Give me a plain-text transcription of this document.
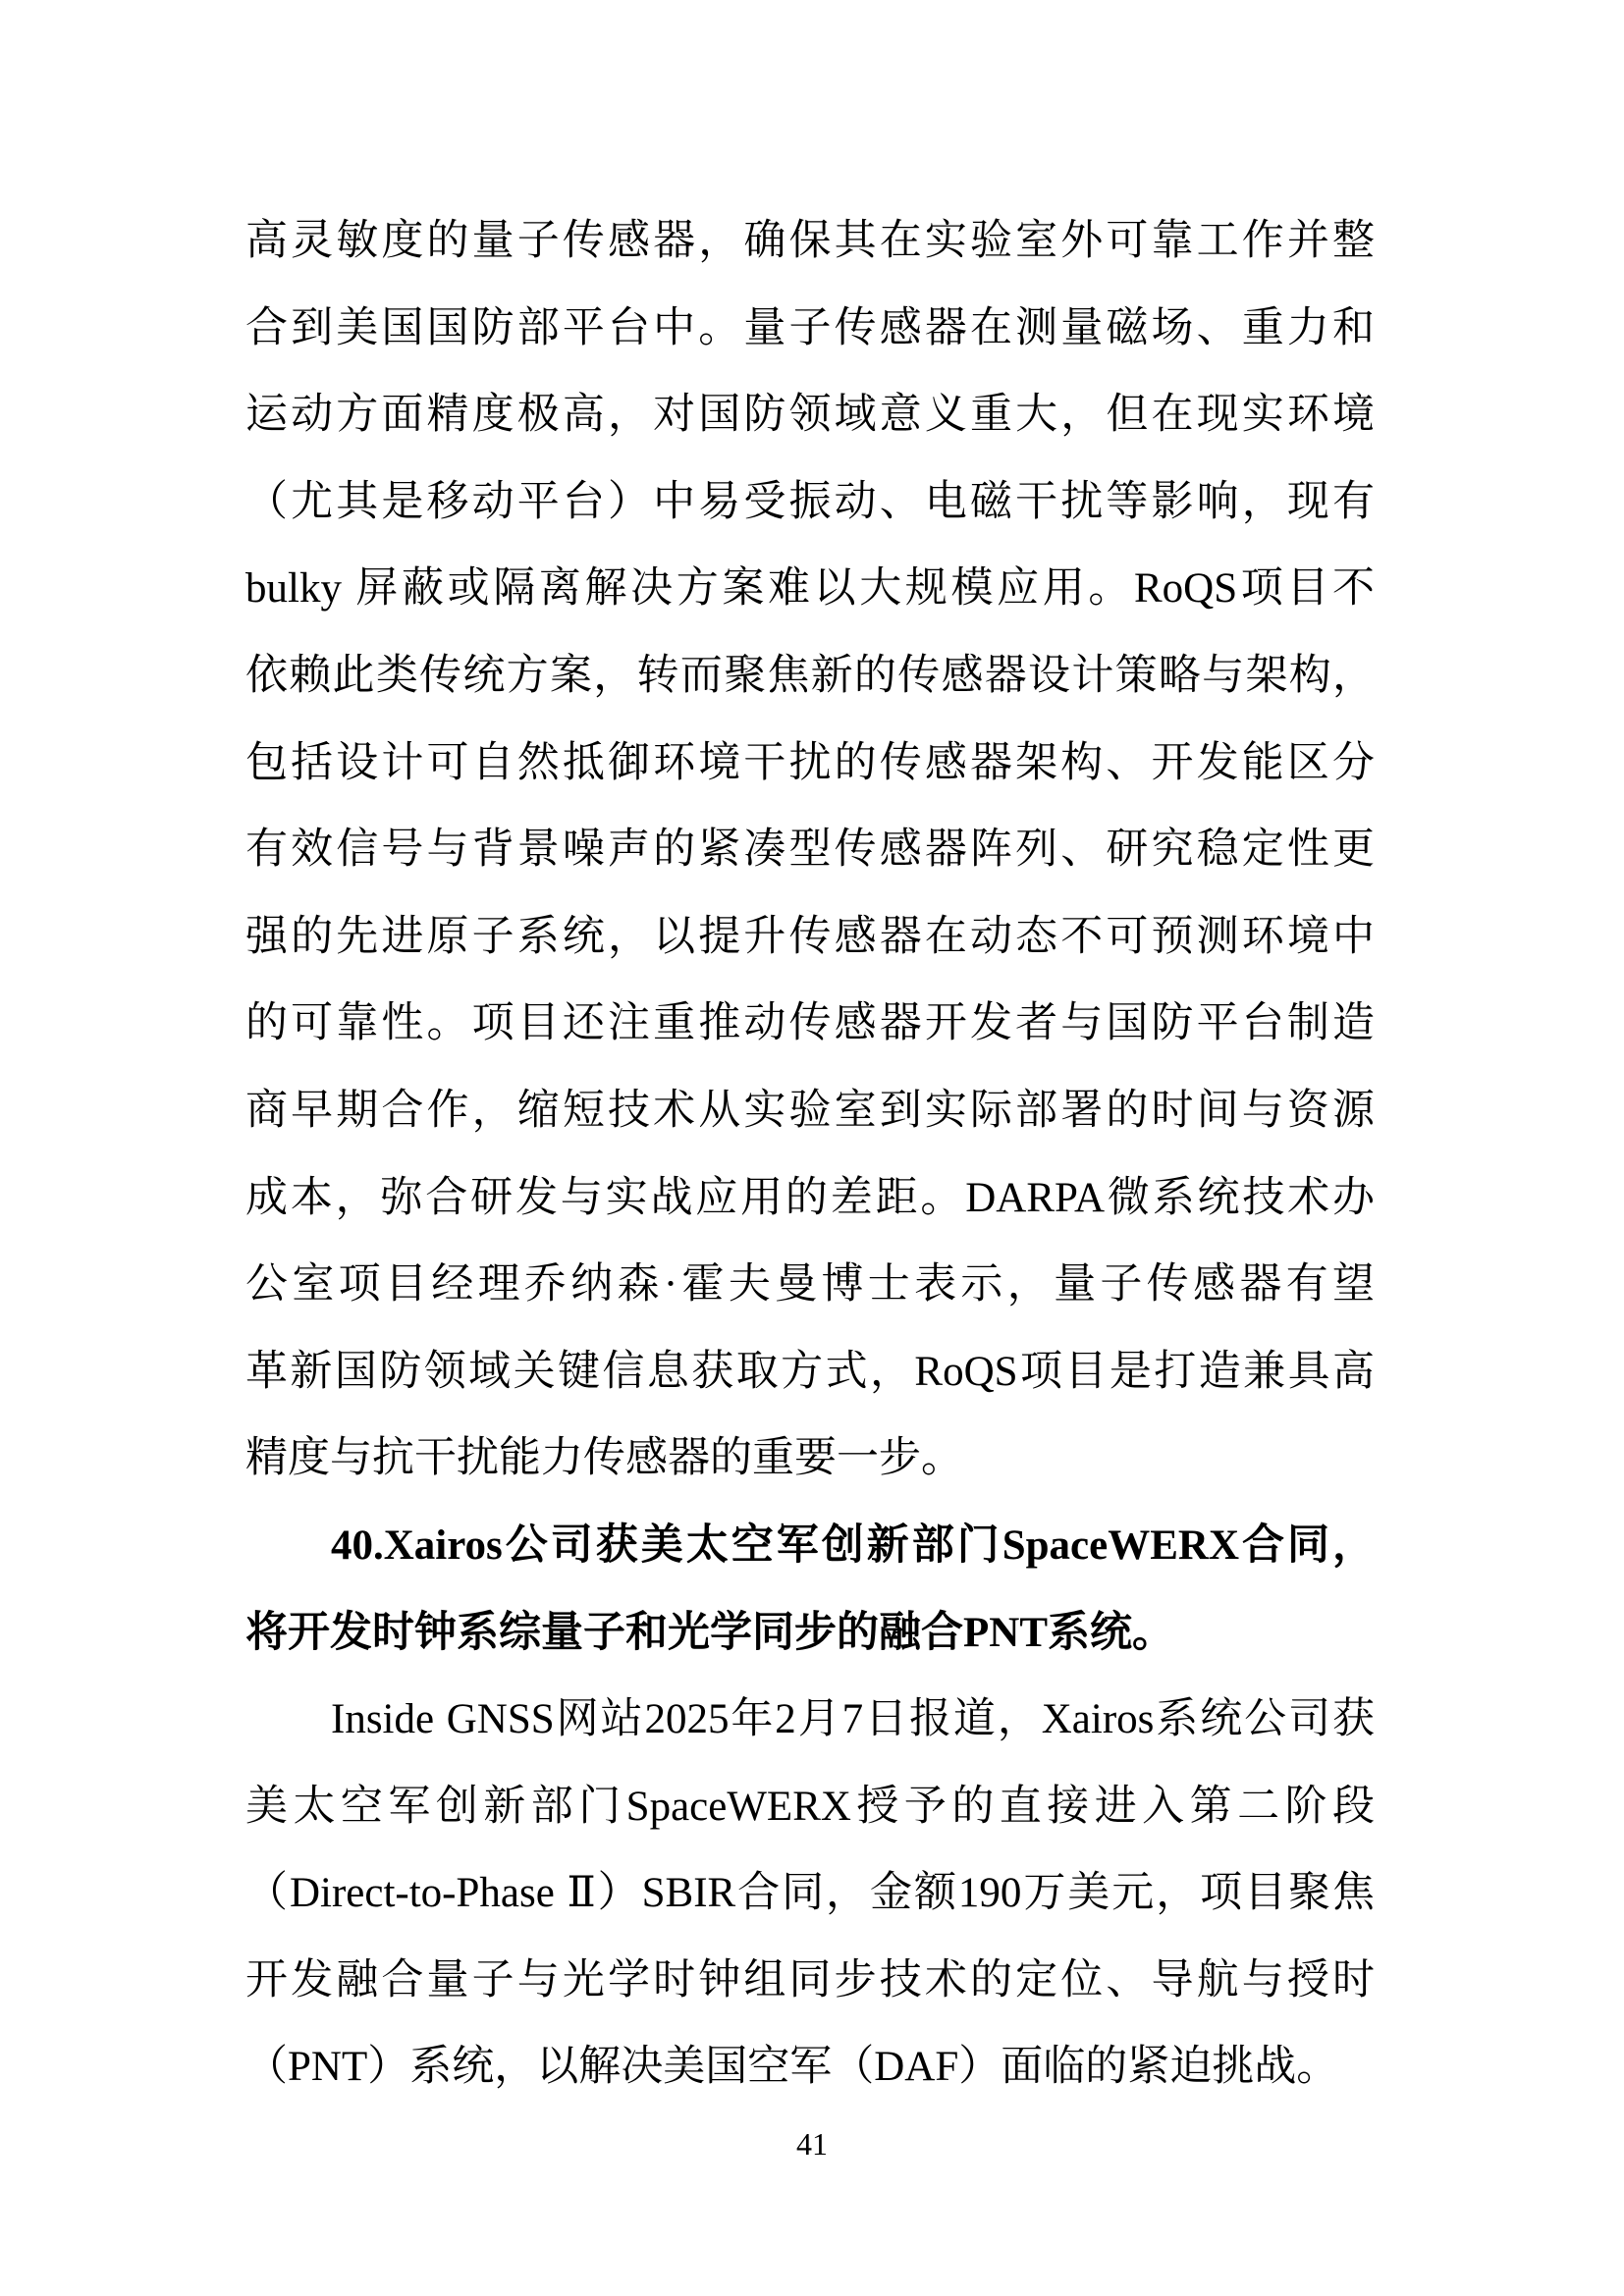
高灵敏度的量子传感器，确保其在实验室外可靠工作并整
合到美国国防部平台中。量子传感器在测量磁场、重力和
运动方面精度极高，对国防领域意义重大，但在现实环境
（尤其是移动平台）中易受振动、电磁干扰等影响，现有
bulky 屏蔽或隔离解决方案难以大规模应用。RoQS项目不
依赖此类传统方案，转而聚焦新的传感器设计策略与架构，
包括设计可自然抵御环境干扰的传感器架构、开发能区分
有效信号与背景噪声的紧凑型传感器阵列、研究稳定性更
强的先进原子系统，以提升传感器在动态不可预测环境中
的可靠性。项目还注重推动传感器开发者与国防平台制造
商早期合作，缩短技术从实验室到实际部署的时间与资源
成本，弥合研发与实战应用的差距。DARPA微系统技术办
公室项目经理乔纳森·霍夫曼博士表示，量子传感器有望
革新国防领域关键信息获取方式，RoQS项目是打造兼具高
精度与抗干扰能力传感器的重要一步。
40.Xairos公司获美太空军创新部门SpaceWERX合同，
将开发时钟系综量子和光学同步的融合PNT系统。
Inside GNSS网站2025年2月7日报道，Xairos系统公司获
美太空军创新部门SpaceWERX授予的直接进入第二阶段
（Direct-to-Phase Ⅱ）SBIR合同，金额190万美元，项目聚焦
开发融合量子与光学时钟组同步技术的定位、导航与授时
（PNT）系统，以解决美国空军（DAF）面临的紧迫挑战。
41
